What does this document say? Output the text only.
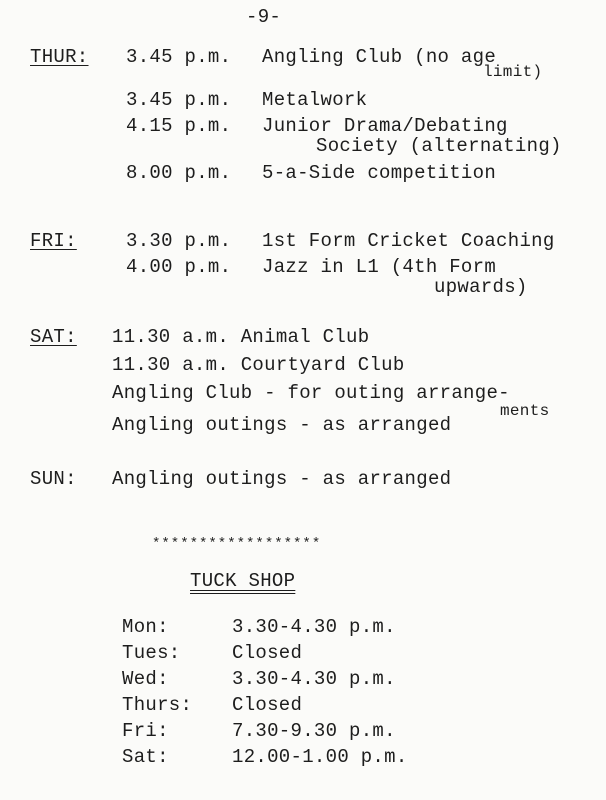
-9-
THUR: 3.45 p.m. Angling Club (no age
limit)
3.45 p.m. Metalwork
4.15 p.m. Junior Drama/Debating
Society (alternating)
8.00 p.m. 5-a-Side competition
FRI:	3.30 p.m. 1st Form Cricket Coaching
4.00 p.m. Jazz in L1 (4th Form
upwards)
SAT: 11.30 a.m. Animal Club
11.30 a.m. Courtyard Club
Angling Club - for outing arrange-
ments
Angling outings - as arranged
SUN: Angling outings - as arranged
******************
TUCK SHOP
Mon:	3.30-4.30 p.m.
Tues:	Closed
Wed:	3.30-4.30 p.m.
Thurs: Closed
Fri:	7.30-9.30 p.m.
Sat:	12.00-1.00 p.m.
